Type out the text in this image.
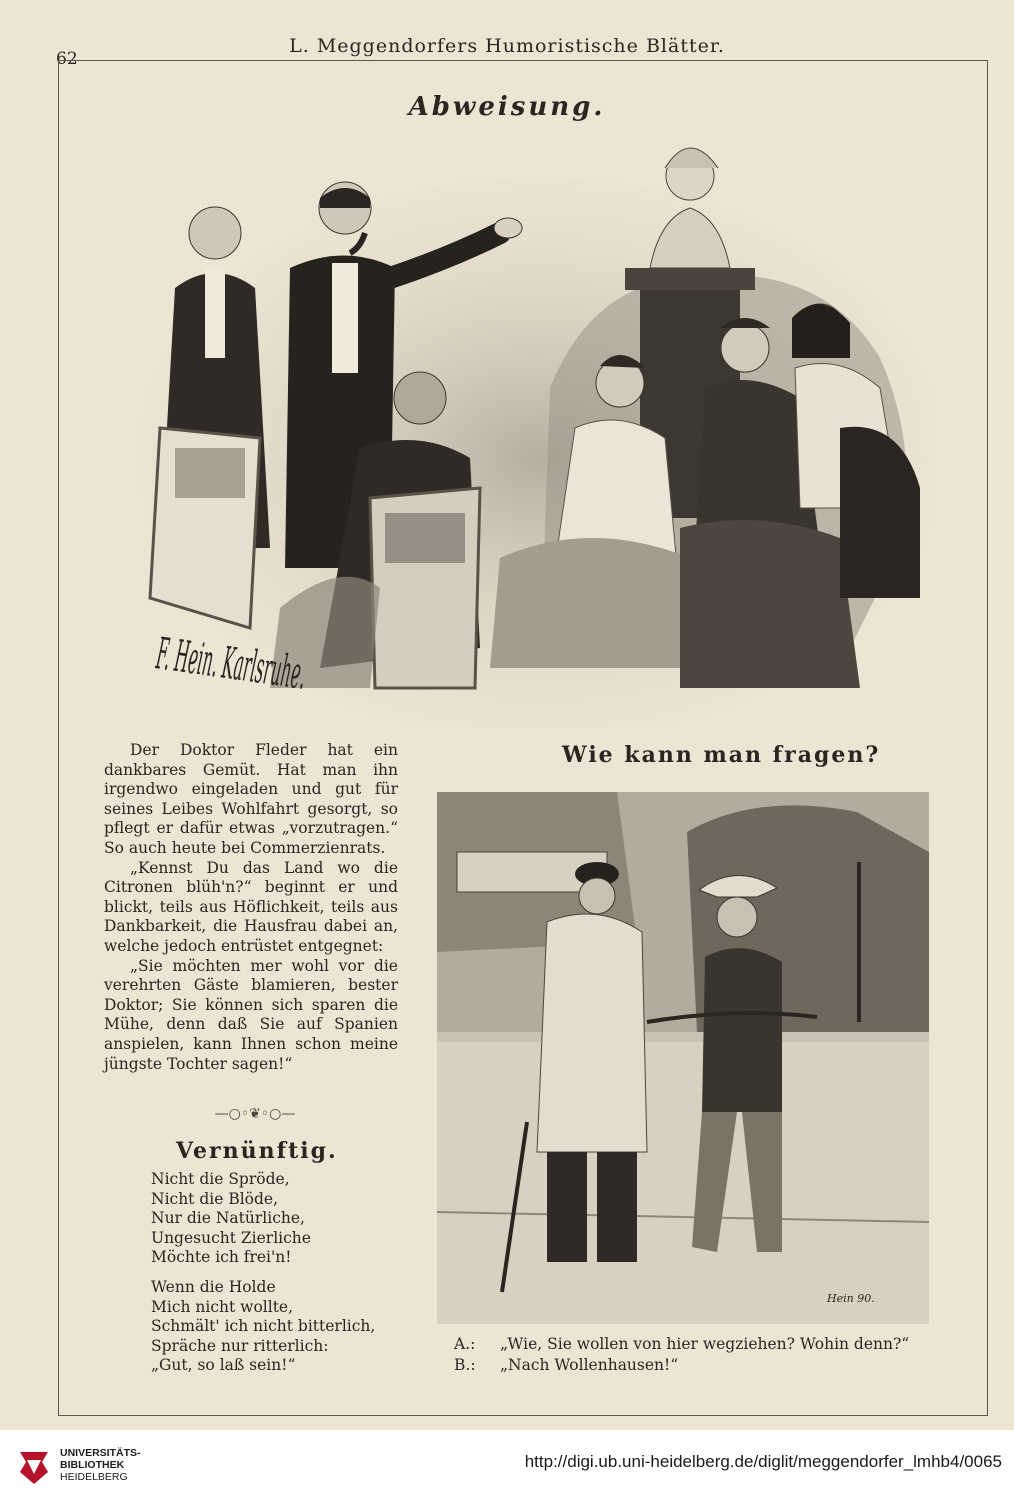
62
L. Meggendorfers Humoristische Blätter.
Abweisung.

Der Doktor Fleder hat ein dankbares Gemüt. Hat man ihn irgendwo eingeladen und gut für seines Leibes Wohlfahrt gesorgt, so pflegt er dafür etwas „vorzutragen.“ So auch heute bei Commerzienrats.

„Kennst Du das Land wo die Citronen blüh'n?“ beginnt er und blickt, teils aus Höflichkeit, teils aus Dankbarkeit, die Hausfrau dabei an, welche jedoch entrüstet entgegnet:

„Sie möchten mer wohl vor die verehrten Gäste blamieren, bester Doktor; Sie können sich sparen die Mühe, denn daß Sie auf Spanien anspielen, kann Ihnen schon meine jüngste Tochter sagen!“

—○◦❦◦○—
Vernünftig.
Nicht die Spröde,
Nicht die Blöde,
Nur die Natürliche,
Ungesucht Zierliche
Möchte ich frei'n!
Wenn die Holde
Mich nicht wollte,
Schmält' ich nicht bitterlich,
Spräche nur ritterlich:
„Gut, so laß sein!“
Wie kann man fragen?
Hein 90.
A.: „Wie, Sie wollen von hier wegziehen? Wohin denn?“
B.: „Nach Wollenhausen!“
UNIVERSITÄTS-
BIBLIOTHEK
HEIDELBERG
http://digi.ub.uni-heidelberg.de/diglit/meggendorfer_lmhb4/0065
